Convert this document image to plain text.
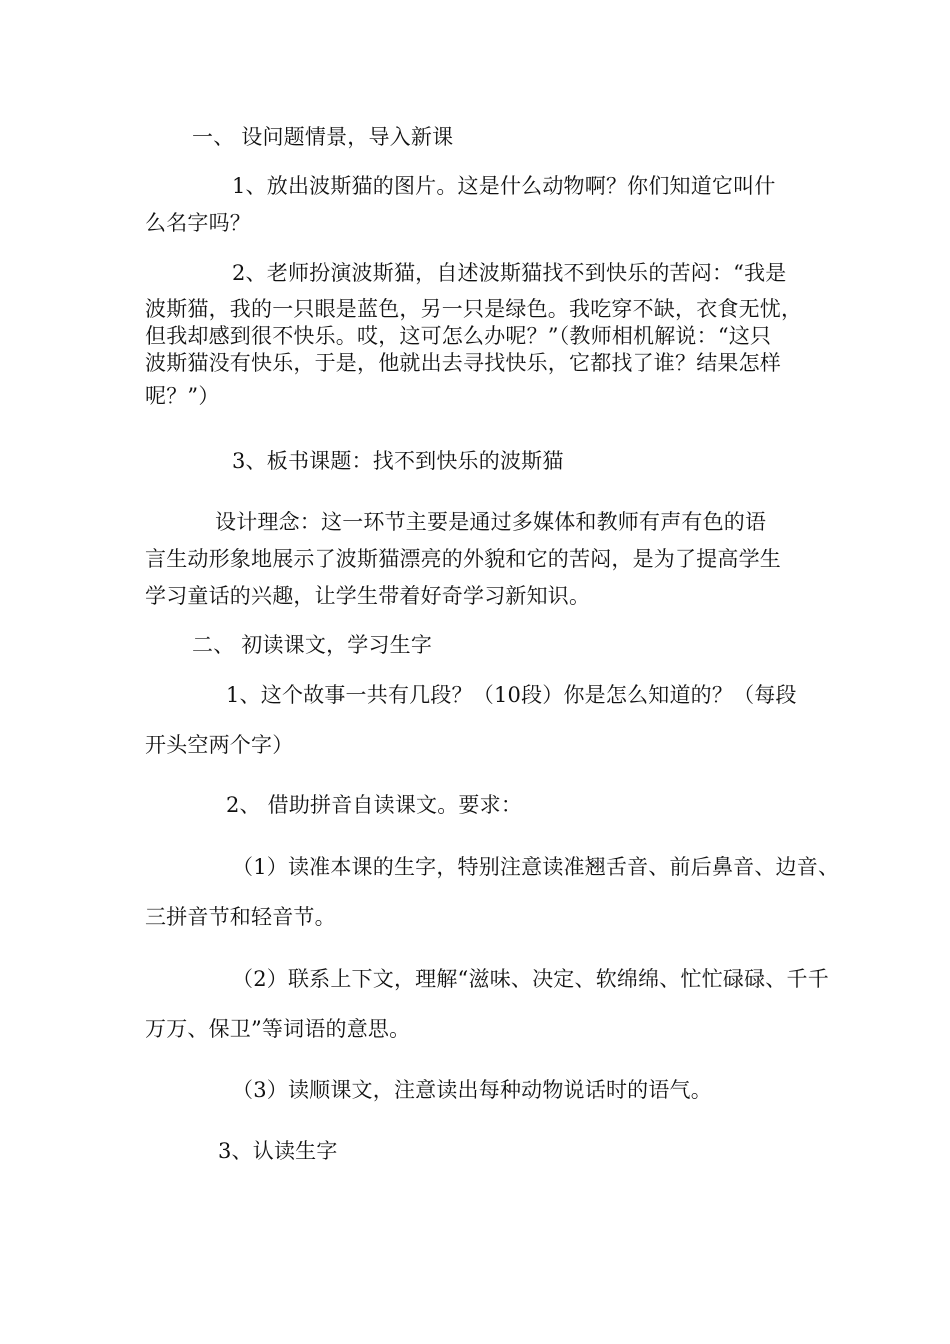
一、 设问题情景，导入新课
1、放出波斯猫的图片。这是什么动物啊？你们知道它叫什
么名字吗？
2、老师扮演波斯猫，自述波斯猫找不到快乐的苦闷：“我是
波斯猫，我的一只眼是蓝色，另一只是绿色。我吃穿不缺，衣食无忧，
但我却感到很不快乐。哎，这可怎么办呢？”（教师相机解说：“这只
波斯猫没有快乐，于是，他就出去寻找快乐，它都找了谁？结果怎样
呢？”）
3、板书课题：找不到快乐的波斯猫
设计理念：这一环节主要是通过多媒体和教师有声有色的语
言生动形象地展示了波斯猫漂亮的外貌和它的苦闷，是为了提高学生
学习童话的兴趣，让学生带着好奇学习新知识。
二、 初读课文，学习生字
1、这个故事一共有几段？（10段）你是怎么知道的？（每段
开头空两个字）
2、 借助拼音自读课文。要求：
（1）读准本课的生字，特别注意读准翘舌音、前后鼻音、边音、
三拼音节和轻音节。
（2）联系上下文，理解“滋味、决定、软绵绵、忙忙碌碌、千千
万万、保卫”等词语的意思。
（3）读顺课文，注意读出每种动物说话时的语气。
3、认读生字
